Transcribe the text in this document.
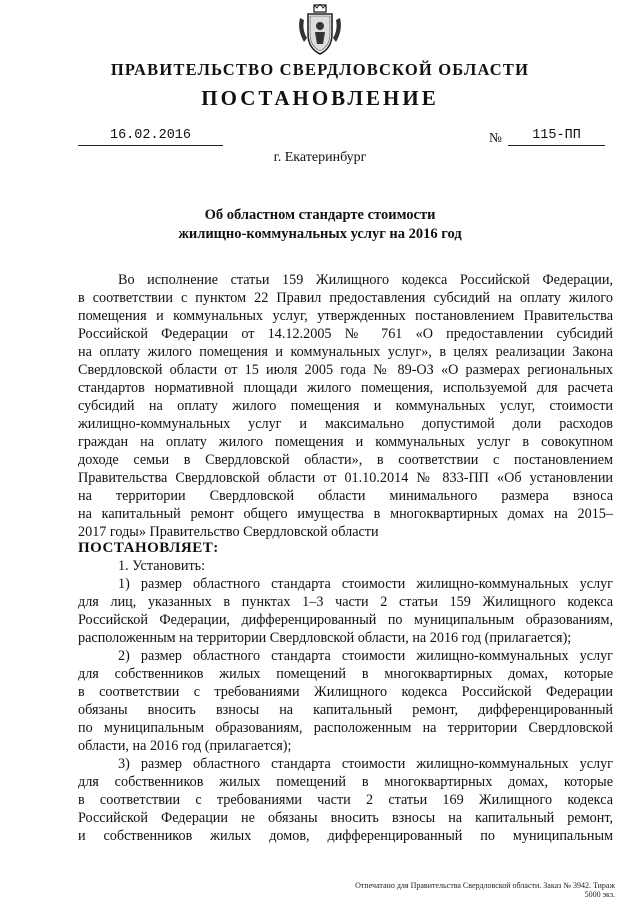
ПРАВИТЕЛЬСТВО СВЕРДЛОВСКОЙ ОБЛАСТИ
ПОСТАНОВЛЕНИЕ
16.02.2016	№	115-ПП
г. Екатеринбург
Об областном стандарте стоимости
жилищно-коммунальных услуг на 2016 год
Во исполнение статьи 159 Жилищного кодекса Российской Федерации,
в соответствии с пунктом 22 Правил предоставления субсидий на оплату жилого
помещения и коммунальных услуг, утвержденных постановлением Правительства
Российской Федерации от 14.12.2005 № 761 «О предоставлении субсидий
на оплату жилого помещения и коммунальных услуг», в целях реализации Закона
Свердловской области от 15 июля 2005 года № 89-ОЗ «О размерах региональных
стандартов нормативной площади жилого помещения, используемой для расчета
субсидий на оплату жилого помещения и коммунальных услуг, стоимости
жилищно-коммунальных услуг и максимально допустимой доли расходов
граждан на оплату жилого помещения и коммунальных услуг в совокупном
доходе семьи в Свердловской области», в соответствии с постановлением
Правительства Свердловской области от 01.10.2014 № 833-ПП «Об установлении
на территории Свердловской области минимального размера взноса
на капитальный ремонт общего имущества в многоквартирных домах на 2015–
2017 годы» Правительство Свердловской области
ПОСТАНОВЛЯЕТ:
1. Установить:
1) размер областного стандарта стоимости жилищно-коммунальных услуг
для лиц, указанных в пунктах 1–3 части 2 статьи 159 Жилищного кодекса
Российской Федерации, дифференцированный по муниципальным образованиям,
расположенным на территории Свердловской области, на 2016 год (прилагается);
2) размер областного стандарта стоимости жилищно-коммунальных услуг
для собственников жилых помещений в многоквартирных домах, которые
в соответствии с требованиями Жилищного кодекса Российской Федерации
обязаны вносить взносы на капитальный ремонт, дифференцированный
по муниципальным образованиям, расположенным на территории Свердловской
области, на 2016 год (прилагается);
3) размер областного стандарта стоимости жилищно-коммунальных услуг
для собственников жилых помещений в многоквартирных домах, которые
в соответствии с требованиями части 2 статьи 169 Жилищного кодекса
Российской Федерации не обязаны вносить взносы на капитальный ремонт,
и собственников жилых домов, дифференцированный по муниципальным
Отпечатано для Правительства Свердловской области. Заказ № 3942. Тираж 5000 экз.
